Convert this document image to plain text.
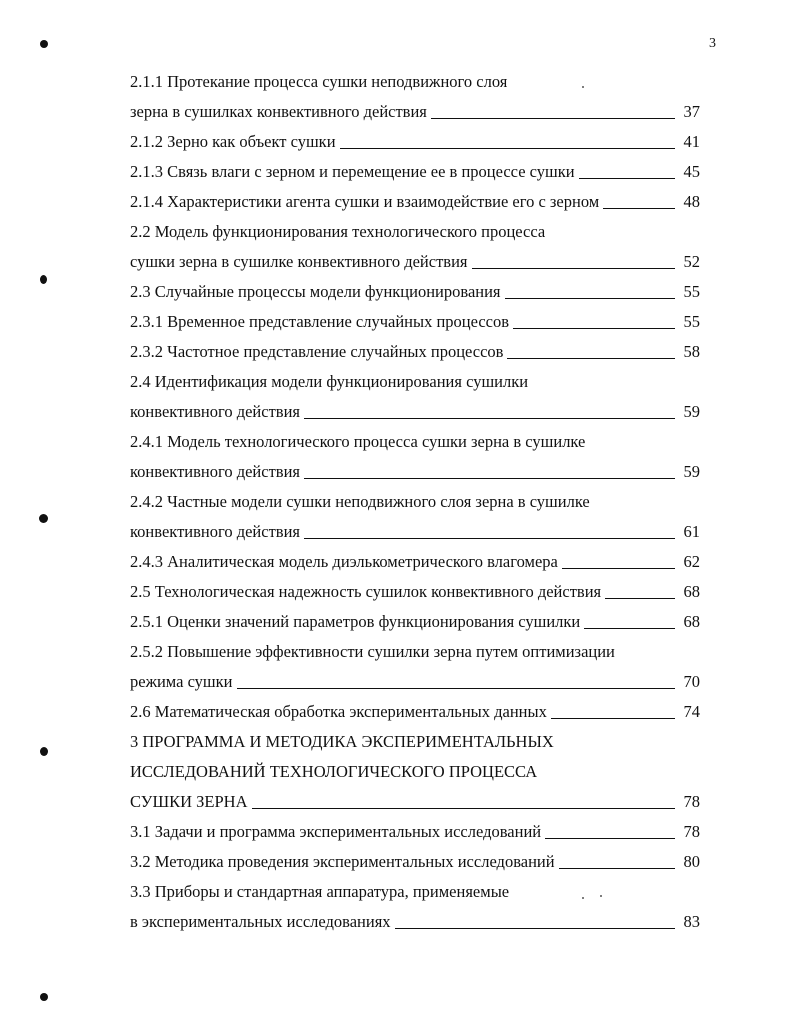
3
2.1.1 Протекание процесса сушки неподвижного слоя
зерна в сушилках конвективного действия	37
2.1.2 Зерно как объект сушки	41
2.1.3 Связь влаги с зерном и перемещение ее в процессе сушки	45
2.1.4 Характеристики агента сушки и взаимодействие его с зерном	48
2.2 Модель функционирования технологического процесса
сушки зерна в сушилке конвективного действия	52
2.3 Случайные процессы модели функционирования	55
2.3.1 Временное представление случайных процессов	55
2.3.2 Частотное представление случайных процессов	58
2.4 Идентификация модели функционирования сушилки
конвективного действия	59
2.4.1 Модель технологического процесса сушки зерна в сушилке
конвективного действия	59
2.4.2 Частные модели сушки неподвижного слоя зерна в сушилке
конвективного действия	61
2.4.3 Аналитическая модель диэлькометрического влагомера	62
2.5 Технологическая надежность сушилок конвективного действия	68
2.5.1 Оценки значений параметров функционирования сушилки	68
2.5.2 Повышение эффективности сушилки зерна путем оптимизации
режима сушки	70
2.6 Математическая обработка экспериментальных данных	74
3 ПРОГРАММА И МЕТОДИКА ЭКСПЕРИМЕНТАЛЬНЫХ
ИССЛЕДОВАНИЙ ТЕХНОЛОГИЧЕСКОГО ПРОЦЕССА
СУШКИ ЗЕРНА	78
3.1 Задачи и программа экспериментальных исследований	78
3.2 Методика проведения экспериментальных исследований	80
3.3 Приборы и стандартная аппаратура, применяемые
в экспериментальных исследованиях	83
